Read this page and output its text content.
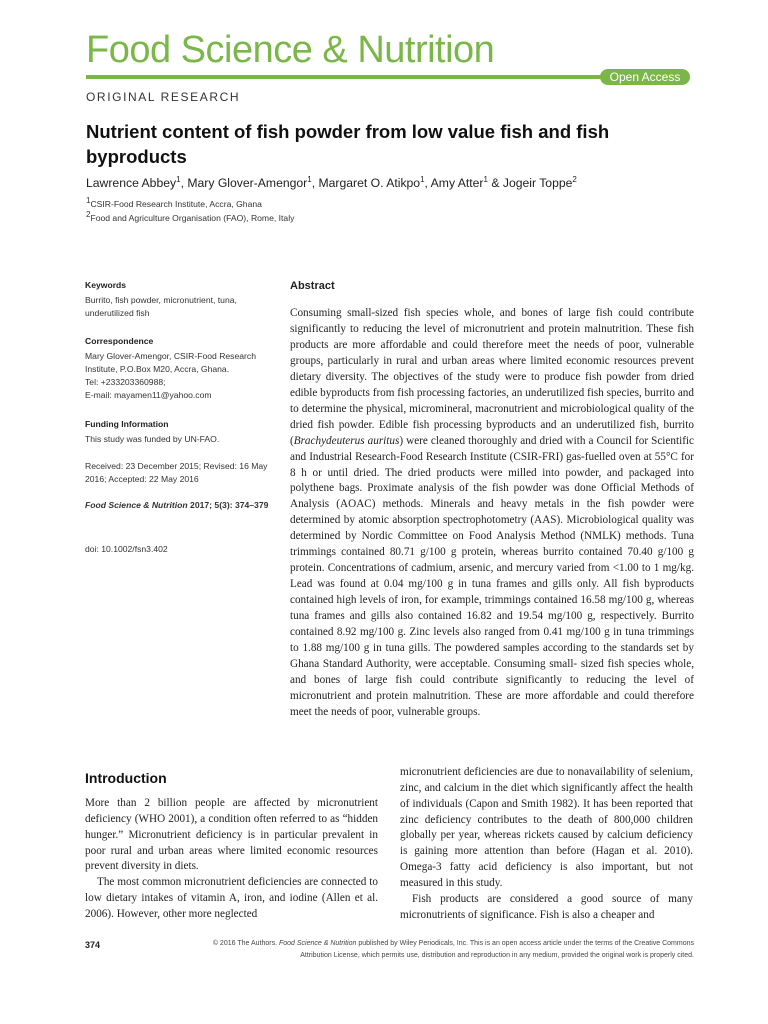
Food Science & Nutrition
Open Access
ORIGINAL RESEARCH
Nutrient content of fish powder from low value fish and fish byproducts
Lawrence Abbey$^1$, Mary Glover-Amengor$^1$, Margaret O. Atikpo$^1$, Amy Atter$^1$ & Jogeir Toppe$^2$
$^1$CSIR-Food Research Institute, Accra, Ghana
$^2$Food and Agriculture Organisation (FAO), Rome, Italy
Keywords
Burrito, fish powder, micronutrient, tuna, underutilized fish
Correspondence
Mary Glover-Amengor, CSIR-Food Research
Institute, P.O.Box M20, Accra, Ghana.
Tel: +233203360988;
E-mail: mayamen11@yahoo.com
Funding Information
This study was funded by UN-FAO.
Received: 23 December 2015; Revised: 16 May 2016; Accepted: 22 May 2016
Food Science & Nutrition 2017; 5(3): 374–379
doi: 10.1002/fsn3.402
Abstract

Consuming small-sized fish species whole, and bones of large fish could contribute significantly to reducing the level of micronutrient and protein malnutrition. These fish products are more affordable and could therefore meet the needs of poor, vulnerable groups, particularly in rural and urban areas where limited economic resources prevent dietary diversity. The objectives of the study were to produce fish powder from dried edible byproducts from fish processing factories, an underutilized fish species, burrito and to determine the physical, micromineral, macronutrient and microbiological quality of the dried fish powder. Edible fish processing byproducts and an underutilized fish, burrito (Brachydeuterus auritus) were cleaned thoroughly and dried with a Council for Scientific and Industrial Research-Food Research Institute (CSIR-FRI) gas-fuelled oven at 55°C for 8 h or until dried. The dried products were milled into powder, and packaged into polythene bags. Proximate analysis of the fish powder was done Official Methods of Analysis (AOAC) methods. Minerals and heavy metals in the fish powder were determined by atomic absorption spectrophotometry (AAS). Microbiological quality was determined by Nordic Committee on Food Analysis Method (NMLK) methods. Tuna trimmings contained 80.71 g/100 g protein, whereas burrito contained 70.40 g/100 g protein. Concentrations of cadmium, arsenic, and mercury varied from <1.00 to 1 mg/kg. Lead was found at 0.04 mg/100 g in tuna frames and gills only. All fish byproducts contained high levels of iron, for example, trimmings contained 16.58 mg/100 g, whereas tuna frames and gills also contained 16.82 and 19.54 mg/100 g, respectively. Burrito contained 8.92 mg/100 g. Zinc levels also ranged from 0.41 mg/100 g in tuna trimmings to 1.88 mg/100 g in tuna gills. The powdered samples according to the standards set by Ghana Standard Authority, were acceptable. Consuming small- sized fish species whole, and bones of large fish could contribute significantly to reducing the level of micronutrient and protein malnutrition. These are more affordable and could therefore meet the needs of poor, vulnerable groups.

Introduction

More than 2 billion people are affected by micronutrient deficiency (WHO 2001), a condition often referred to as “hidden hunger.” Micronutrient deficiency is in particular prevalent in poor rural and urban areas where limited economic resources prevent diversity in diets.

The most common micronutrient deficiencies are connected to low dietary intakes of vitamin A, iron, and iodine (Allen et al. 2006). However, other more neglected

micronutrient deficiencies are due to nonavailability of selenium, zinc, and calcium in the diet which significantly affect the health of individuals (Capon and Smith 1982). It has been reported that zinc deficiency contributes to the death of 800,000 children globally per year, whereas rickets caused by calcium deficiency is gaining more attention than before (Hagan et al. 2010). Omega-3 fatty acid deficiency is also important, but not measured in this study.

Fish products are considered a good source of many micronutrients of significance. Fish is also a cheaper and

374	© 2016 The Authors. Food Science & Nutrition published by Wiley Periodicals, Inc. This is an open access article under the terms of the Creative Commons Attribution License, which permits use, distribution and reproduction in any medium, provided the original work is properly cited.
